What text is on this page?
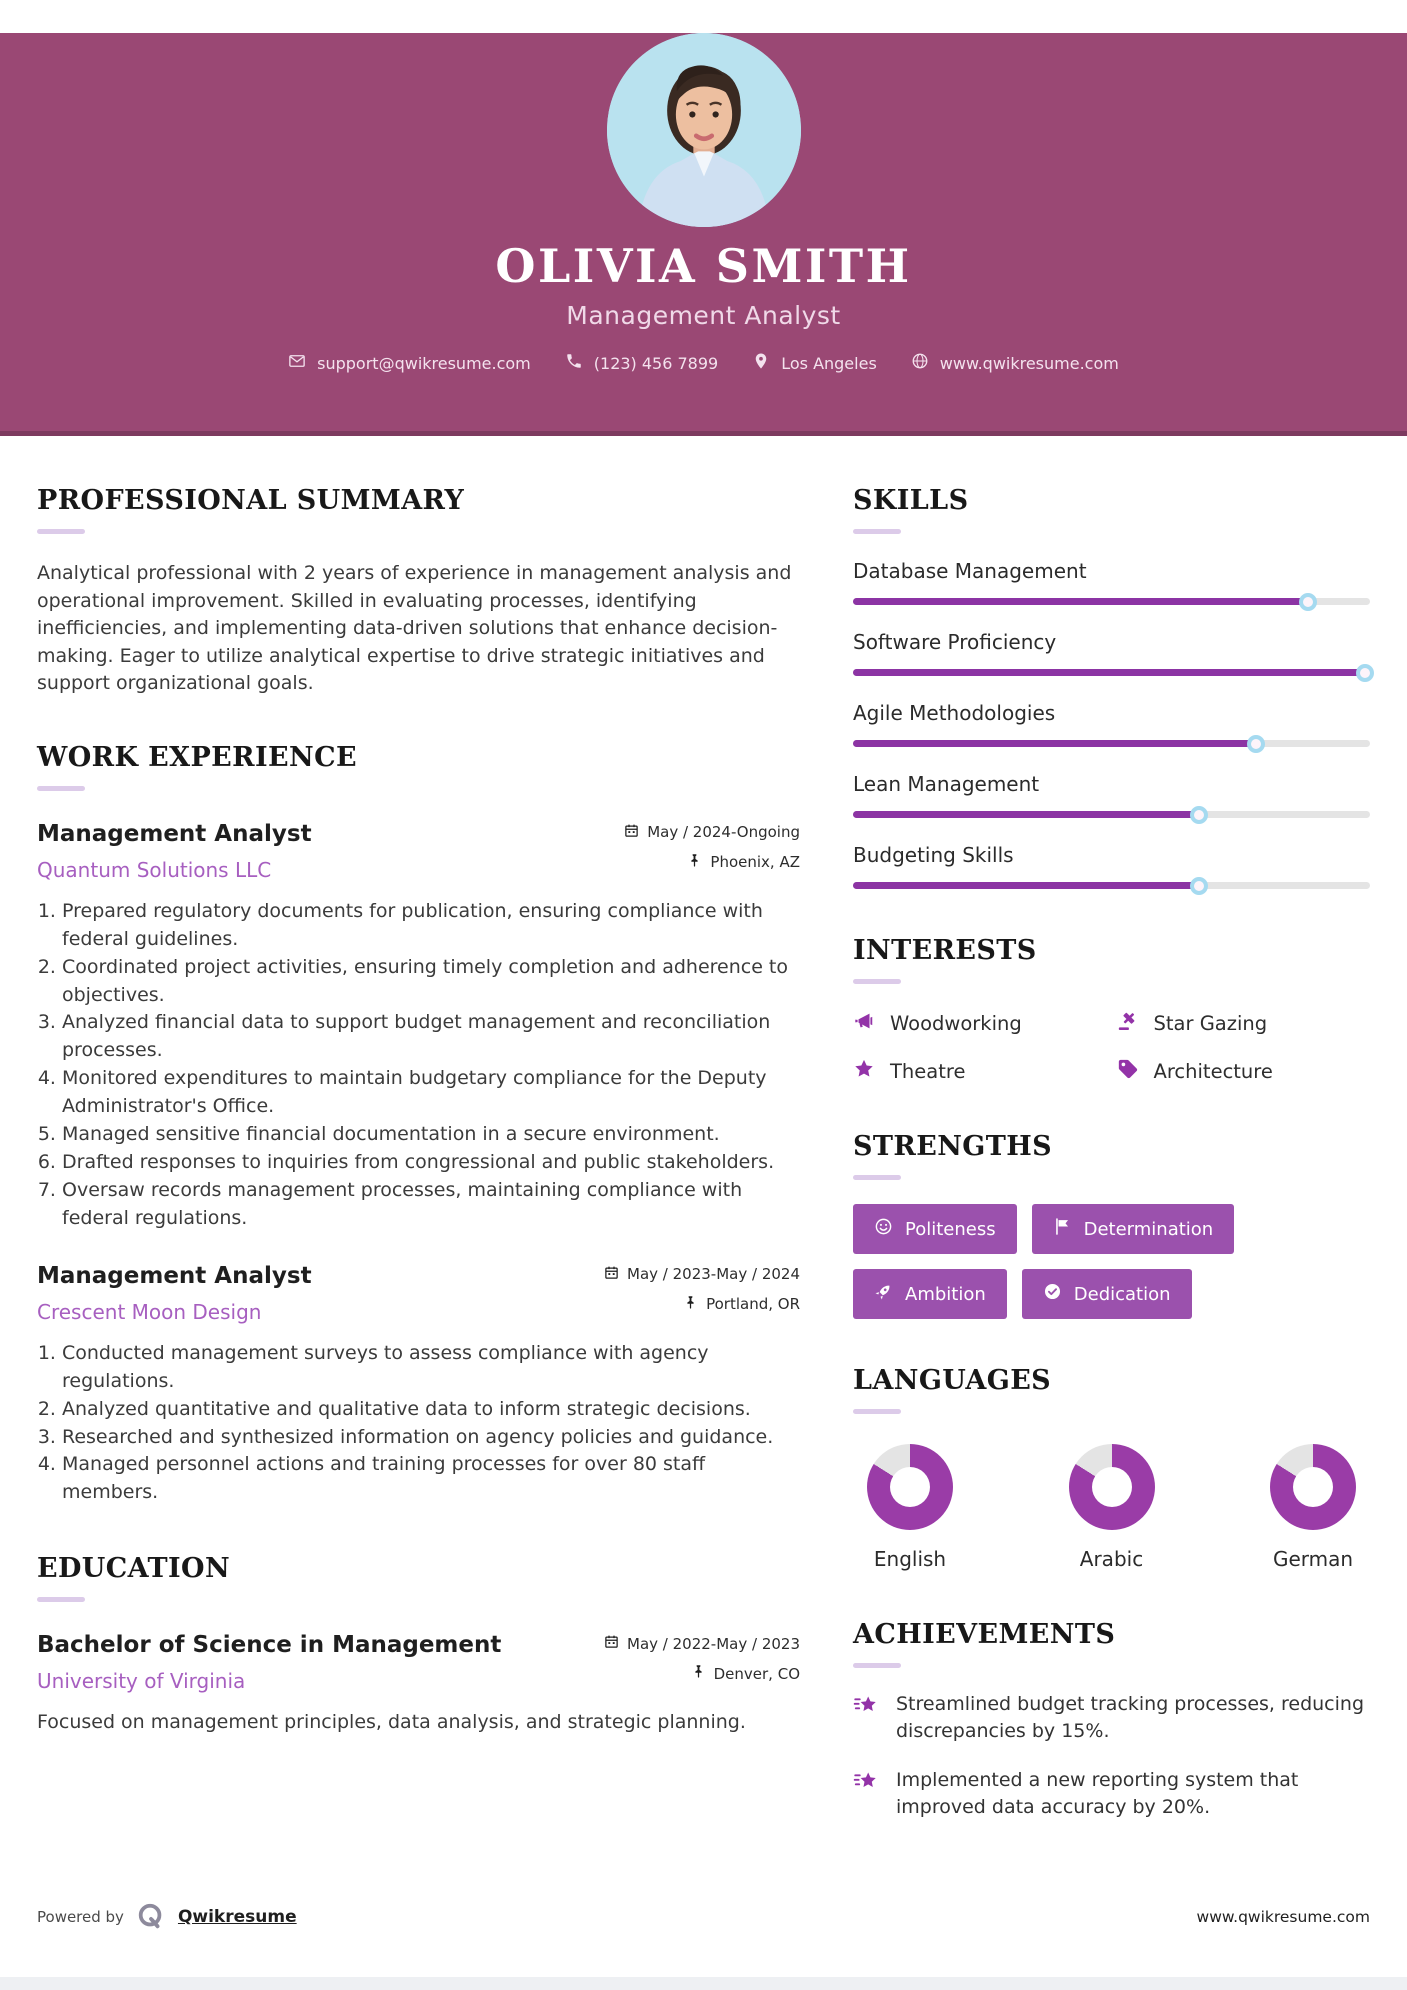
OLIVIA SMITH
Management Analyst
support@qwikresume.com	(123) 456 7899	Los Angeles	www.qwikresume.com
PROFESSIONAL SUMMARY

Analytical professional with 2 years of experience in management analysis and operational improvement. Skilled in evaluating processes, identifying inefficiencies, and implementing data-driven solutions that enhance decision-making. Eager to utilize analytical expertise to drive strategic initiatives and support organizational goals.

WORK EXPERIENCE
Management Analyst
Quantum Solutions LLC
May / 2024-Ongoing
Phoenix, AZ
1. Prepared regulatory documents for publication, ensuring compliance with federal guidelines.
2. Coordinated project activities, ensuring timely completion and adherence to objectives.
3. Analyzed financial data to support budget management and reconciliation processes.
4. Monitored expenditures to maintain budgetary compliance for the Deputy Administrator's Office.
5. Managed sensitive financial documentation in a secure environment.
6. Drafted responses to inquiries from congressional and public stakeholders.
7. Oversaw records management processes, maintaining compliance with federal regulations.
Management Analyst
Crescent Moon Design
May / 2023-May / 2024
Portland, OR
1. Conducted management surveys to assess compliance with agency regulations.
2. Analyzed quantitative and qualitative data to inform strategic decisions.
3. Researched and synthesized information on agency policies and guidance.
4. Managed personnel actions and training processes for over 80 staff members.
EDUCATION
Bachelor of Science in Management
University of Virginia
May / 2022-May / 2023
Denver, CO

Focused on management principles, data analysis, and strategic planning.

SKILLS
Database Management
Software Proficiency
Agile Methodologies
Lean Management
Budgeting Skills
INTERESTS
Woodworking	Star Gazing
Theatre	Architecture
STRENGTHS
Politeness	Determination
Ambition	Dedication
LANGUAGES
English	Arabic	German
ACHIEVEMENTS
Streamlined budget tracking processes, reducing discrepancies by 15%.
Implemented a new reporting system that improved data accuracy by 20%.
Powered by	Qwikresume	www.qwikresume.com
